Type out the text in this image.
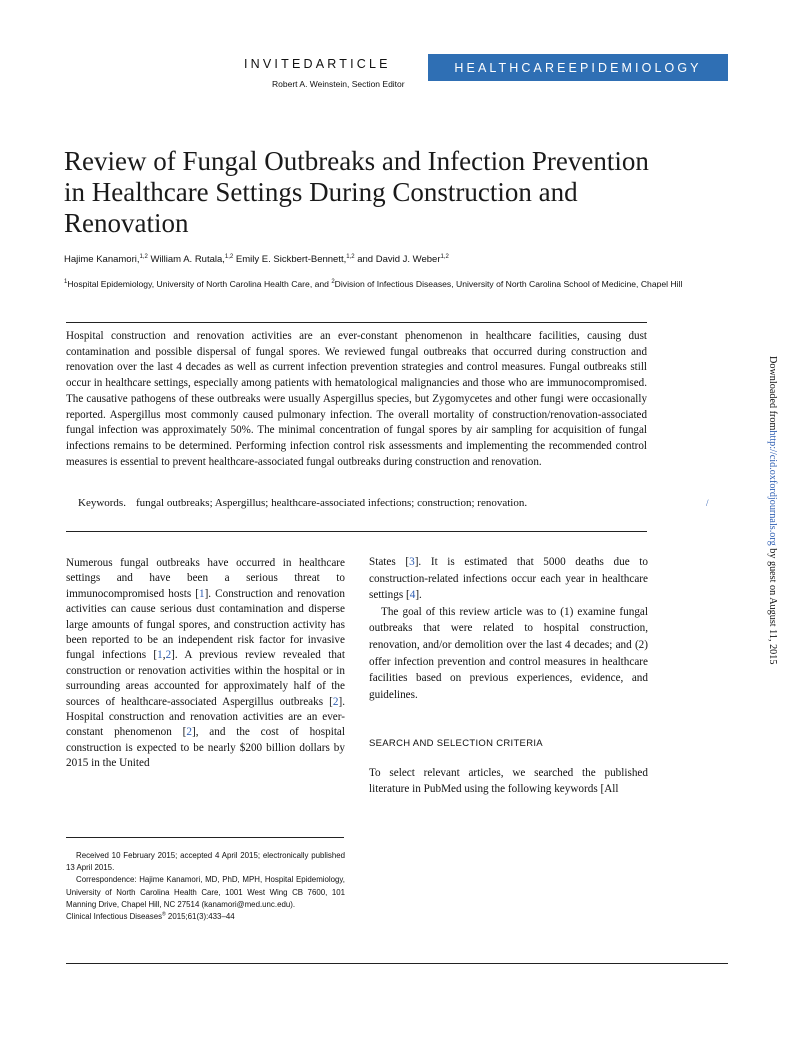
INVITEDARTICLE
Robert A. Weinstein, Section Editor
HEALTHCAREEPIDEMIOLOGY
Review of Fungal Outbreaks and Infection Prevention in Healthcare Settings During Construction and Renovation
Hajime Kanamori,$^{1,2}$ William A. Rutala,$^{1,2}$ Emily E. Sickbert-Bennett,$^{1,2}$ and David J. Weber$^{1,2}$
$^1$Hospital Epidemiology, University of North Carolina Health Care, and $^2$Division of Infectious Diseases, University of North Carolina School of Medicine, Chapel Hill

Hospital construction and renovation activities are an ever-constant phenomenon in healthcare facilities, causing dust contamination and possible dispersal of fungal spores. We reviewed fungal outbreaks that occurred during construction and renovation over the last 4 decades as well as current infection prevention strategies and control measures. Fungal outbreaks still occur in healthcare settings, especially among patients with hematological malignancies and those who are immunocompromised. The causative pathogens of these outbreaks were usually Aspergillus species, but Zygomycetes and other fungi were occasionally reported. Aspergillus most commonly caused pulmonary infection. The overall mortality of construction/renovation-associated fungal infection was approximately 50%. The minimal concentration of fungal spores by air sampling for acquisition of fungal infections remains to be determined. Performing infection control risk assessments and implementing the recommended control measures is essential to prevent healthcare-associated fungal outbreaks during construction and renovation.

Keywords. fungal outbreaks; Aspergillus; healthcare-associated infections; construction; renovation.

Numerous fungal outbreaks have occurred in healthcare settings and have been a serious threat to immunocompromised hosts [1]. Construction and renovation activities can cause serious dust contamination and disperse large amounts of fungal spores, and construction activity has been reported to be an independent risk factor for invasive fungal infections [1,2]. A previous review revealed that construction or renovation activities within the hospital or in surrounding areas accounted for approximately half of the sources of healthcare-associated Aspergillus outbreaks [2]. Hospital construction and renovation activities are an ever-constant phenomenon [2], and the cost of hospital construction is expected to be nearly $200 billion dollars by 2015 in the United

States [3]. It is estimated that 5000 deaths due to construction-related infections occur each year in healthcare settings [4].

The goal of this review article was to (1) examine fungal outbreaks that were related to hospital construction, renovation, and/or demolition over the last 4 decades; and (2) offer infection prevention and control measures in healthcare facilities based on previous experiences, evidence, and guidelines.

SEARCH AND SELECTION CRITERIA

To select relevant articles, we searched the published literature in PubMed using the following keywords [All

Received 10 February 2015; accepted 4 April 2015; electronically published 13 April 2015.

Correspondence: Hajime Kanamori, MD, PhD, MPH, Hospital Epidemiology, University of North Carolina Health Care, 1001 West Wing CB 7600, 101 Manning Drive, Chapel Hill, NC 27514 (kanamori@med.unc.edu).

Clinical Infectious Diseases® 2015;61(3):433–44

Downloaded fromhttp://cid.oxfordjournals.org by guest on August 11, 2015
/
